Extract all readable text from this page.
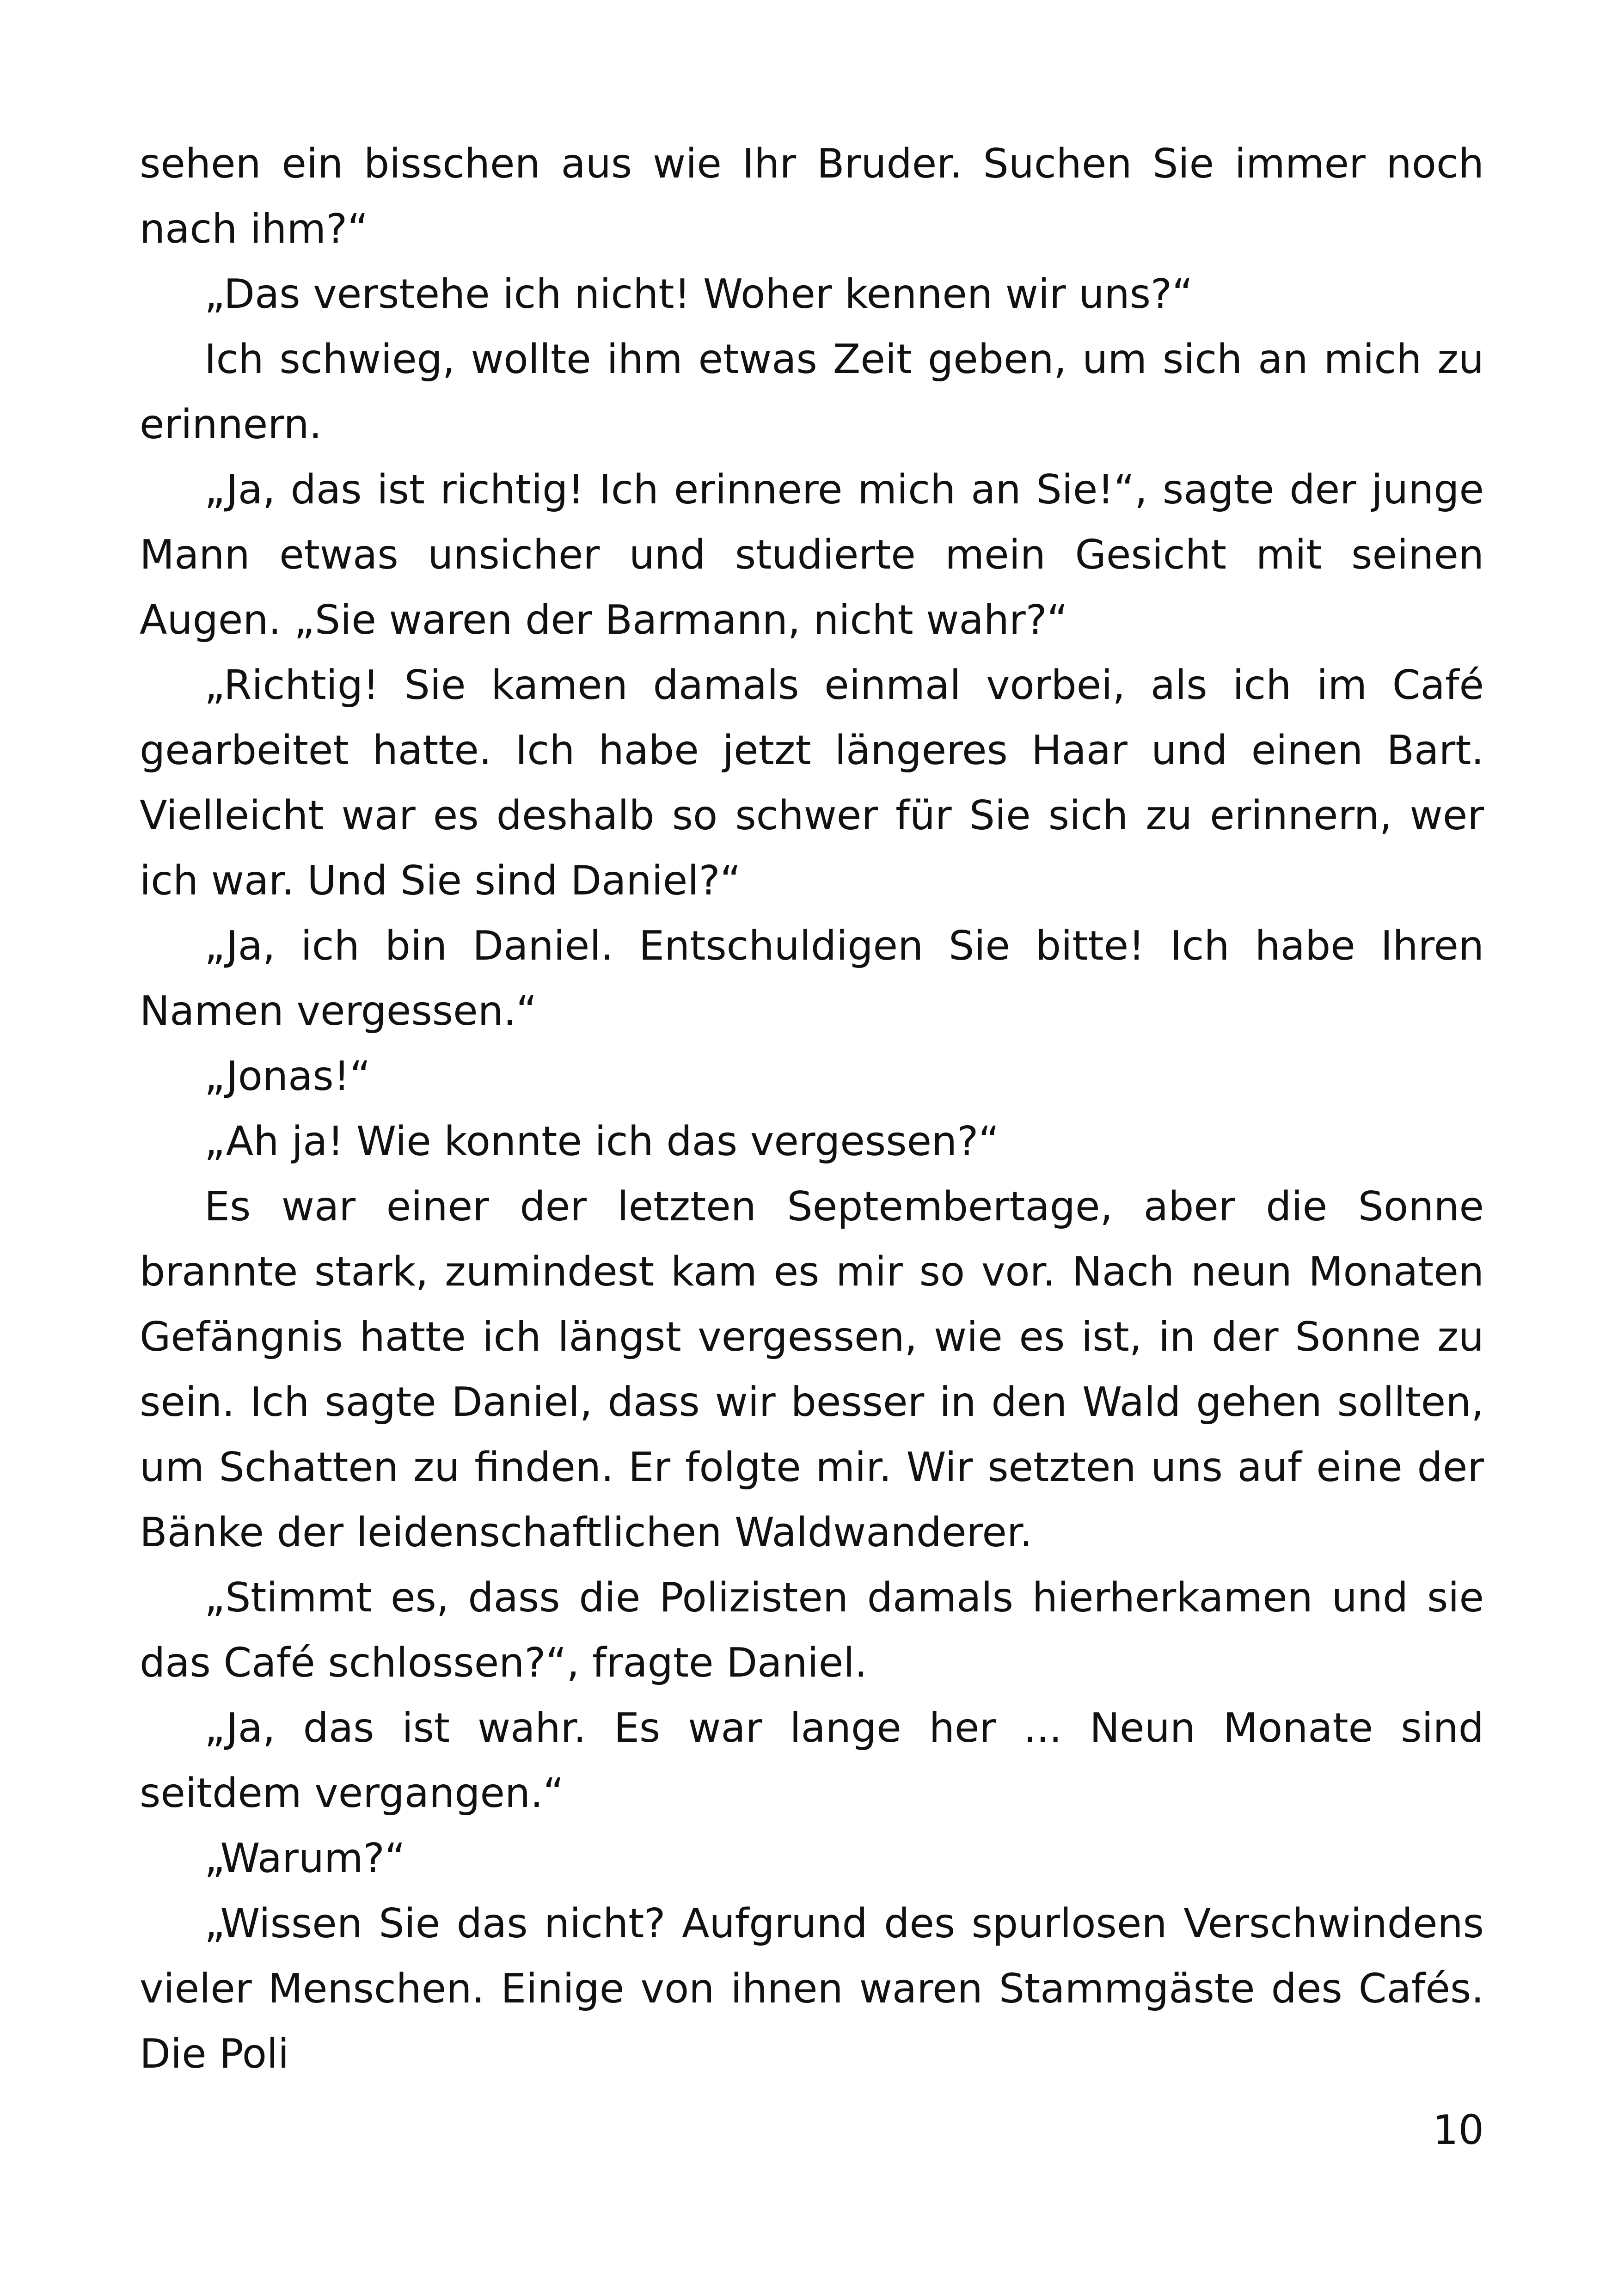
sehen ein bisschen aus wie Ihr Bruder. Suchen Sie immer noch nach ihm?“

„Das verstehe ich nicht! Woher kennen wir uns?“

Ich schwieg, wollte ihm etwas Zeit geben, um sich an mich zu erinnern.

„Ja, das ist richtig! Ich erinnere mich an Sie!“, sagte der junge Mann etwas unsicher und studierte mein Gesicht mit seinen Augen. „Sie waren der Barmann, nicht wahr?“

„Richtig! Sie kamen damals einmal vorbei, als ich im Café gearbeitet hatte. Ich habe jetzt längeres Haar und einen Bart. Vielleicht war es deshalb so schwer für Sie sich zu erinnern, wer ich war. Und Sie sind Daniel?“

„Ja, ich bin Daniel. Entschuldigen Sie bitte! Ich habe Ihren Namen vergessen.“

„Jonas!“

„Ah ja! Wie konnte ich das vergessen?“

Es war einer der letzten Septembertage, aber die Sonne brannte stark, zumindest kam es mir so vor. Nach neun Monaten Gefängnis hatte ich längst vergessen, wie es ist, in der Sonne zu sein. Ich sagte Daniel, dass wir besser in den Wald gehen sollten, um Schatten zu finden. Er folgte mir. Wir setzten uns auf eine der Bänke der leidenschaftlichen Waldwanderer.

„Stimmt es, dass die Polizisten damals hierherkamen und sie das Café schlossen?“, fragte Daniel.

„Ja, das ist wahr. Es war lange her ... Neun Monate sind seitdem vergangen.“

„Warum?“

„Wissen Sie das nicht? Aufgrund des spurlosen Verschwindens vieler Menschen. Einige von ihnen waren Stammgäste des Cafés. Die Poli

10
